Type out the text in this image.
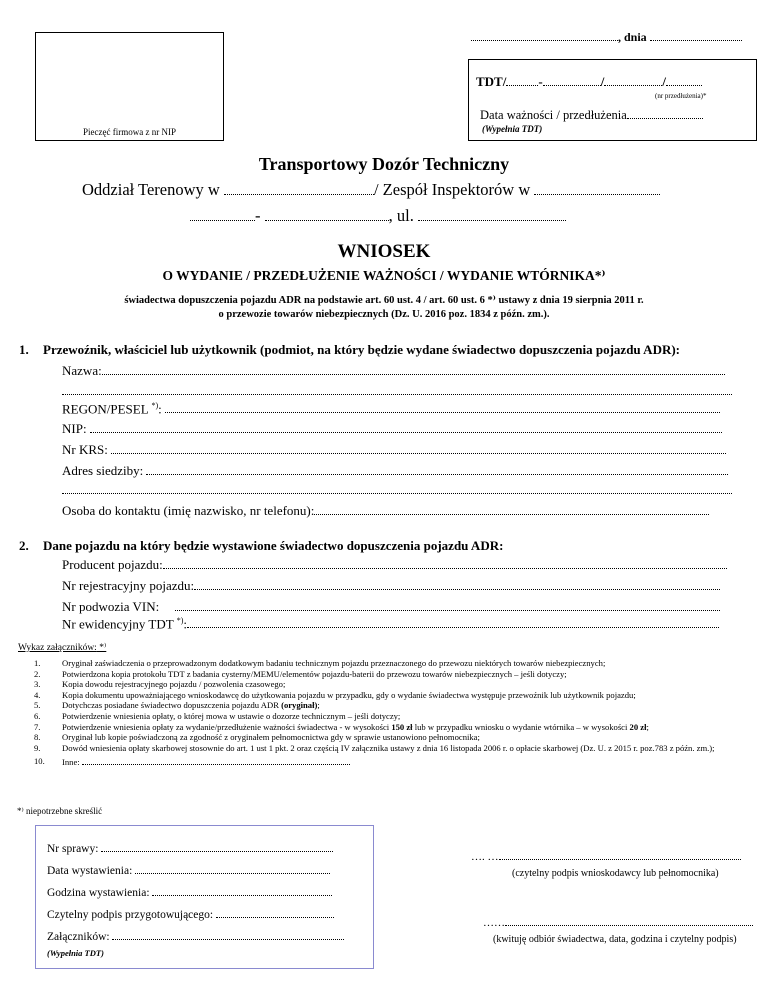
, dnia
Pieczęć firmowa z nr NIP
TDT/ -	/	/
(nr przedłużenia)*
Data ważności / przedłużenia
(Wypełnia TDT)
Transportowy Dozór Techniczny
Oddział Terenowy w	/ Zespół Inspektorów w
-	, ul.
WNIOSEK
O WYDANIE / PRZEDŁUŻENIE WAŻNOŚCI / WYDANIE WTÓRNIKA*⁾
świadectwa dopuszczenia pojazdu ADR na podstawie art. 60 ust. 4 / art. 60 ust. 6 *⁾ ustawy z dnia 19 sierpnia 2011 r.
o przewozie towarów niebezpiecznych (Dz. U. 2016 poz. 1834 z późn. zm.).
1. Przewoźnik, właściciel lub użytkownik (podmiot, na który będzie wydane świadectwo dopuszczenia pojazdu ADR):
Nazwa:
REGON/PESEL *):
NIP:
Nr KRS:
Adres siedziby:
Osoba do kontaktu (imię nazwisko, nr telefonu):
2. Dane pojazdu na który będzie wystawione świadectwo dopuszczenia pojazdu ADR:
Producent pojazdu:
Nr rejestracyjny pojazdu:
Nr podwozia VIN:
Nr ewidencyjny TDT *):
Wykaz załączników: *⁾
1.	Oryginał zaświadczenia o przeprowadzonym dodatkowym badaniu technicznym pojazdu przeznaczonego do przewozu niektórych towarów niebezpiecznych;
2.	Potwierdzona kopia protokołu TDT z badania cysterny/MEMU/elementów pojazdu-baterii do przewozu towarów niebezpiecznych – jeśli dotyczy;
3.	Kopia dowodu rejestracyjnego pojazdu / pozwolenia czasowego;
4.	Kopia dokumentu upoważniającego wnioskodawcę do użytkowania pojazdu w przypadku, gdy o wydanie świadectwa występuje przewoźnik lub użytkownik pojazdu;
5.	Dotychczas posiadane świadectwo dopuszczenia pojazdu ADR (oryginał);
6.	Potwierdzenie wniesienia opłaty, o której mowa w ustawie o dozorze technicznym – jeśli dotyczy;
7.	Potwierdzenie wniesienia opłaty za wydanie/przedłużenie ważności świadectwa - w wysokości 150 zł lub w przypadku wniosku o wydanie wtórnika – w wysokości 20 zł;
8.	Oryginał lub kopie poświadczoną za zgodność z oryginałem pełnomocnictwa gdy w sprawie ustanowiono pełnomocnika;
9.	Dowód wniesienia opłaty skarbowej stosownie do art. 1 ust 1 pkt. 2 oraz częścią IV załącznika ustawy z dnia 16 listopada 2006 r. o opłacie skarbowej (Dz. U. z 2015 r. poz.783 z późn. zm.);
10. Inne:
*⁾ niepotrzebne skreślić
Nr sprawy:
Data wystawienia:
Godzina wystawienia:
Czytelny podpis przygotowującego:
Załączników:
(Wypełnia TDT)
…. …
(czytelny podpis wnioskodawcy lub pełnomocnika)
……
(kwituję odbiór świadectwa, data, godzina i czytelny podpis)
